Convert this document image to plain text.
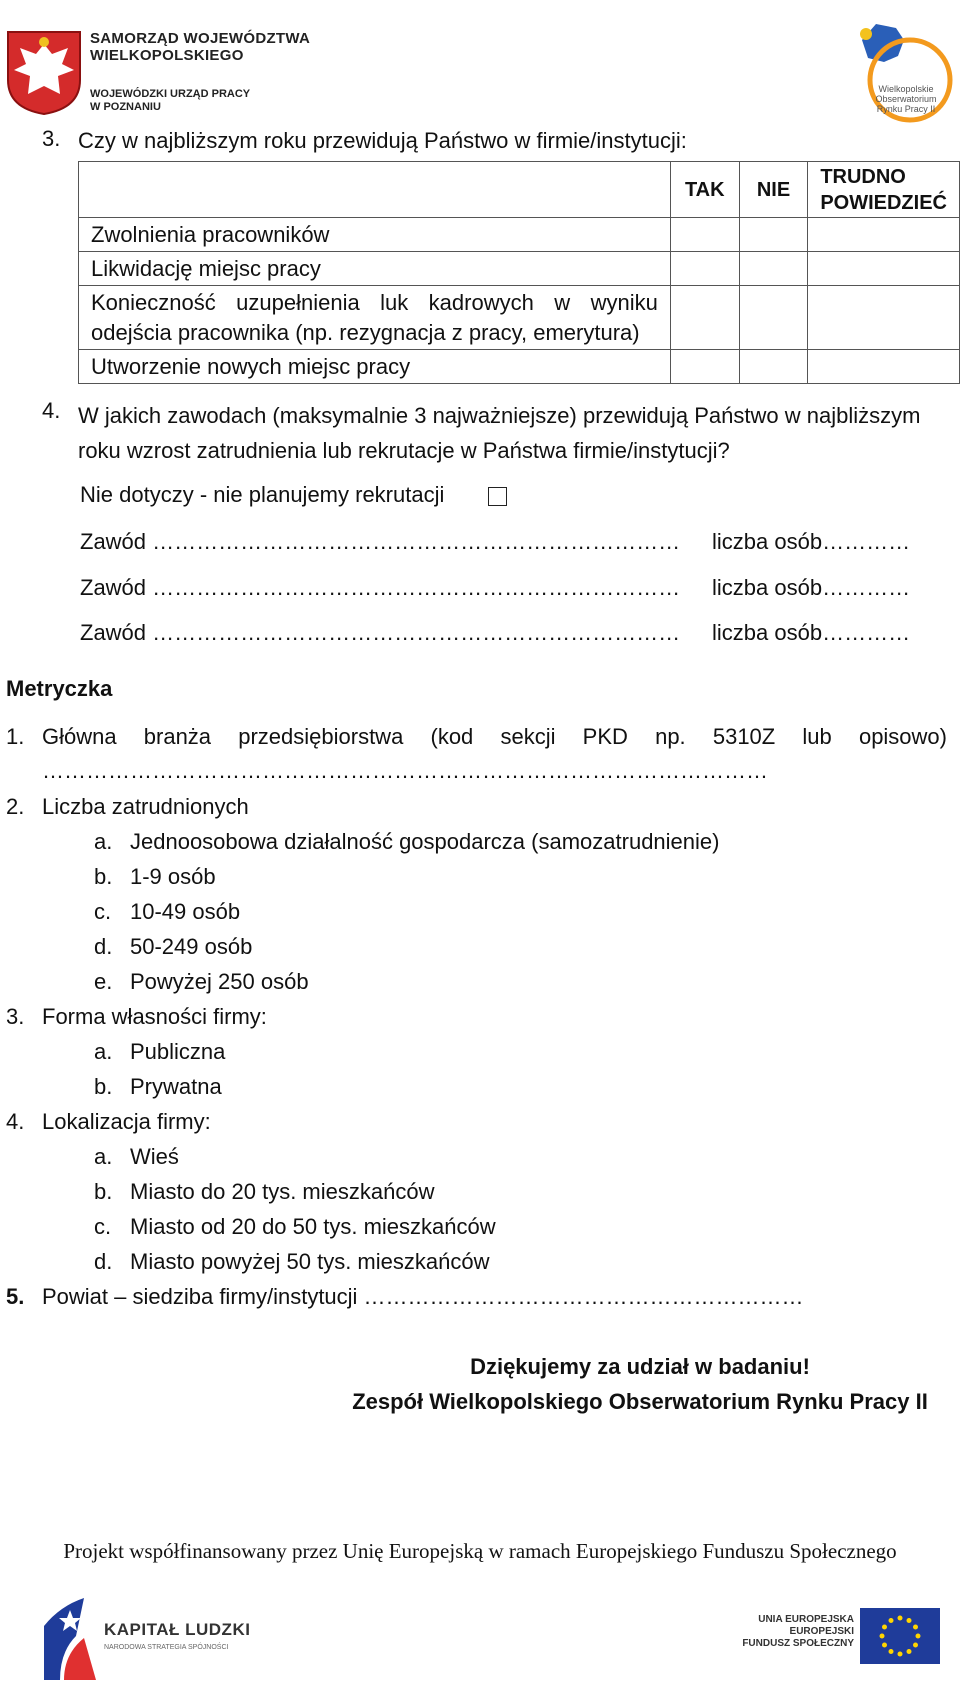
SAMORZĄD WOJEWÓDZTWA
WIELKOPOLSKIEGO
WOJEWÓDZKI URZĄD PRACY
W POZNANIU
Wielkopolskie
Obserwatorium
Rynku Pracy II
3. Czy w najbliższym roku przewidują Państwo w firmie/instytucji:
	TAK	NIE	TRUDNO POWIEDZIEĆ
Zwolnienia pracowników			
Likwidację miejsc pracy			
Konieczność uzupełnienia luk kadrowych w wyniku odejścia pracownika (np. rezygnacja z pracy, emerytura)			
Utworzenie nowych miejsc pracy			
4. W jakich zawodach (maksymalnie 3 najważniejsze) przewidują Państwo w najbliższym
roku wzrost zatrudnienia lub rekrutacje w Państwa firmie/instytucji?
Nie dotyczy - nie planujemy rekrutacji
Zawód ……………………………………………………………… liczba osób…………
Zawód ……………………………………………………………… liczba osób…………
Zawód ……………………………………………………………… liczba osób…………
Metryczka
1. Główna branża przedsiębiorstwa (kod sekcji PKD np. 5310Z lub opisowo)
………………………………………………………………………………………
2. Liczba zatrudnionych
a. Jednoosobowa działalność gospodarcza (samozatrudnienie)
b. 1-9 osób
c. 10-49 osób
d. 50-249 osób
e. Powyżej 250 osób
3. Forma własności firmy:
a. Publiczna
b. Prywatna
4. Lokalizacja firmy:
a. Wieś
b. Miasto do 20 tys. mieszkańców
c. Miasto od 20 do 50 tys. mieszkańców
d. Miasto powyżej 50 tys. mieszkańców
5. Powiat – siedziba firmy/instytucji ……………………………………………………
Dziękujemy za udział w badaniu!
Zespół Wielkopolskiego Obserwatorium Rynku Pracy II
Projekt współfinansowany przez Unię Europejską w ramach Europejskiego Funduszu Społecznego
KAPITAŁ LUDZKI
NARODOWA STRATEGIA SPÓJNOŚCI
UNIA EUROPEJSKA
EUROPEJSKI
FUNDUSZ SPOŁECZNY
